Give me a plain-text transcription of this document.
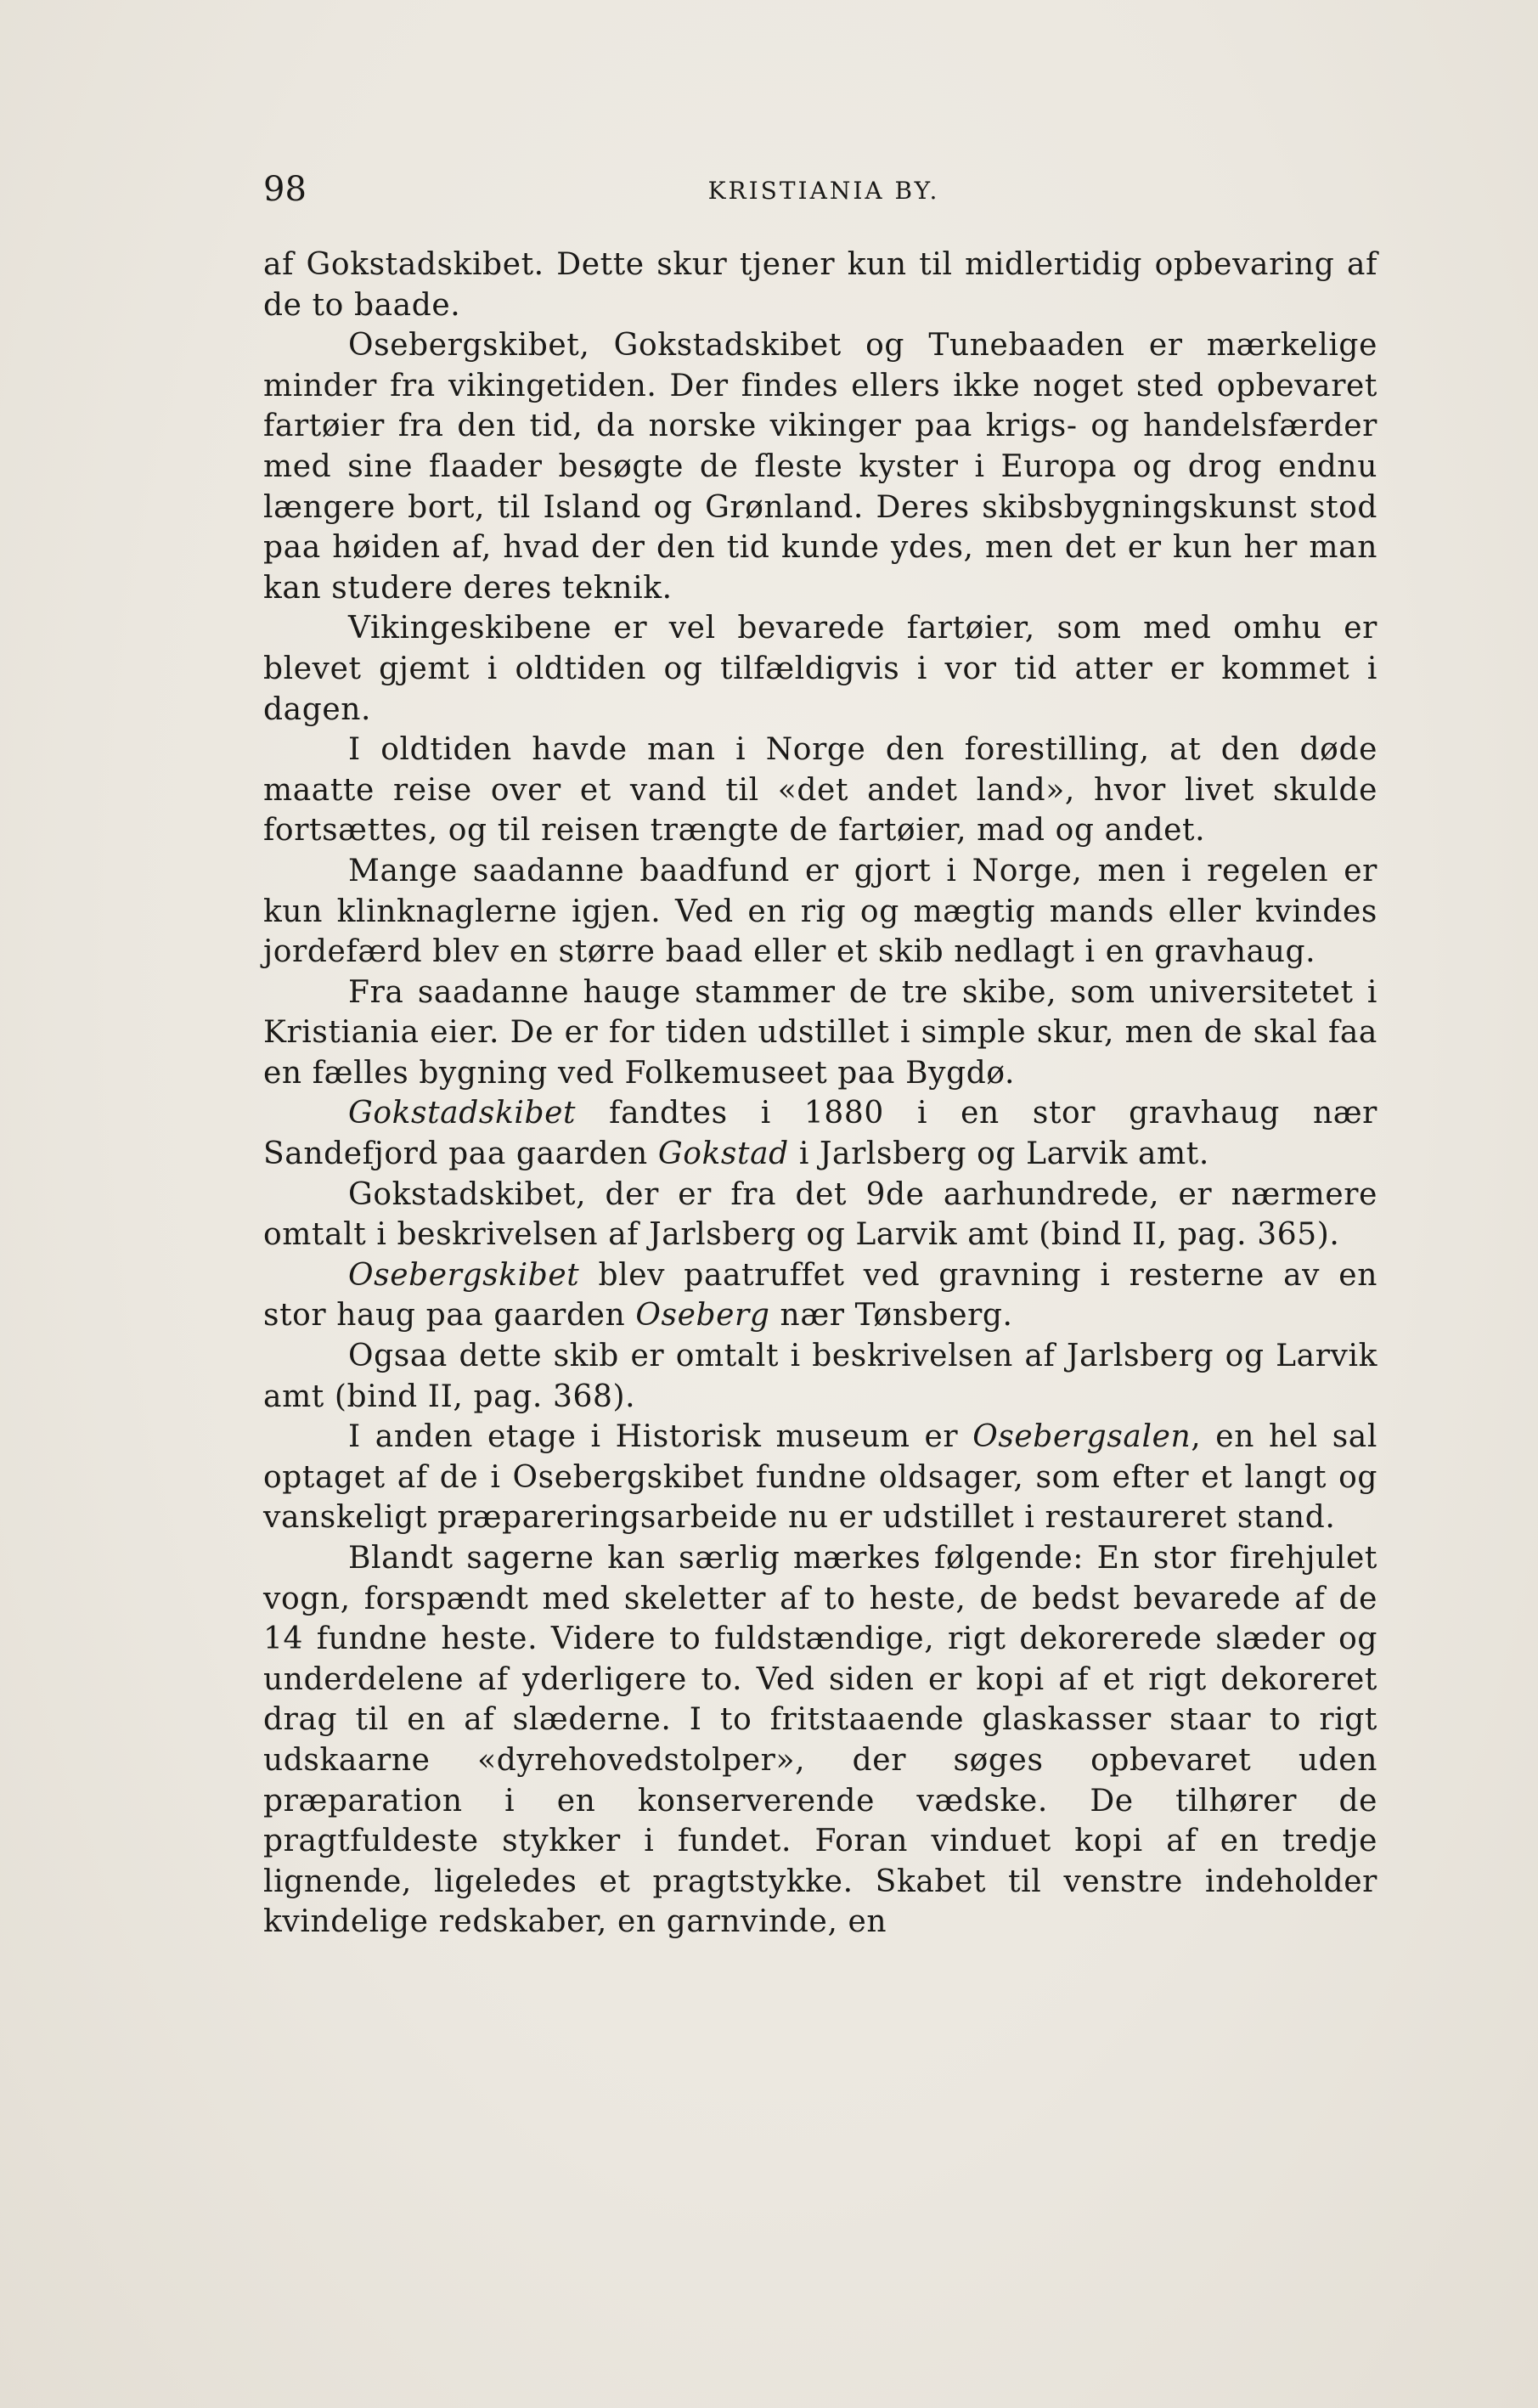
98	KRISTIANIA BY.

af Gokstadskibet. Dette skur tjener kun til midlertidig opbevaring af de to baade.

Osebergskibet, Gokstadskibet og Tunebaaden er mærkelige minder fra vikingetiden. Der findes ellers ikke noget sted opbevaret fartøier fra den tid, da norske vikinger paa krigs- og handelsfærder med sine flaader besøgte de fleste kyster i Europa og drog endnu længere bort, til Island og Grønland. Deres skibsbygningskunst stod paa høiden af, hvad der den tid kunde ydes, men det er kun her man kan studere deres teknik.

Vikingeskibene er vel bevarede fartøier, som med omhu er blevet gjemt i oldtiden og tilfældigvis i vor tid atter er kommet i dagen.

I oldtiden havde man i Norge den forestilling, at den døde maatte reise over et vand til «det andet land», hvor livet skulde fortsættes, og til reisen trængte de fartøier, mad og andet.

Mange saadanne baadfund er gjort i Norge, men i regelen er kun klinknaglerne igjen. Ved en rig og mægtig mands eller kvindes jordefærd blev en større baad eller et skib nedlagt i en gravhaug.

Fra saadanne hauge stammer de tre skibe, som universitetet i Kristiania eier. De er for tiden udstillet i simple skur, men de skal faa en fælles bygning ved Folkemuseet paa Bygdø.

Gokstadskibet fandtes i 1880 i en stor gravhaug nær Sandefjord paa gaarden Gokstad i Jarlsberg og Larvik amt.

Gokstadskibet, der er fra det 9de aarhundrede, er nærmere omtalt i beskrivelsen af Jarlsberg og Larvik amt (bind II, pag. 365).

Osebergskibet blev paatruffet ved gravning i resterne av en stor haug paa gaarden Oseberg nær Tønsberg.

Ogsaa dette skib er omtalt i beskrivelsen af Jarlsberg og Larvik amt (bind II, pag. 368).

I anden etage i Historisk museum er Osebergsalen, en hel sal optaget af de i Osebergskibet fundne oldsager, som efter et langt og vanskeligt præpareringsarbeide nu er udstillet i restaureret stand.

Blandt sagerne kan særlig mærkes følgende: En stor firehjulet vogn, forspændt med skeletter af to heste, de bedst bevarede af de 14 fundne heste. Videre to fuldstændige, rigt dekorerede slæder og underdelene af yderligere to. Ved siden er kopi af et rigt dekoreret drag til en af slæderne. I to fritstaaende glaskasser staar to rigt udskaarne «dyrehovedstolper», der søges opbevaret uden præparation i en konserverende vædske. De tilhører de pragtfuldeste stykker i fundet. Foran vinduet kopi af en tredje lignende, ligeledes et pragtstykke. Skabet til venstre indeholder kvindelige redskaber, en garnvinde, en
